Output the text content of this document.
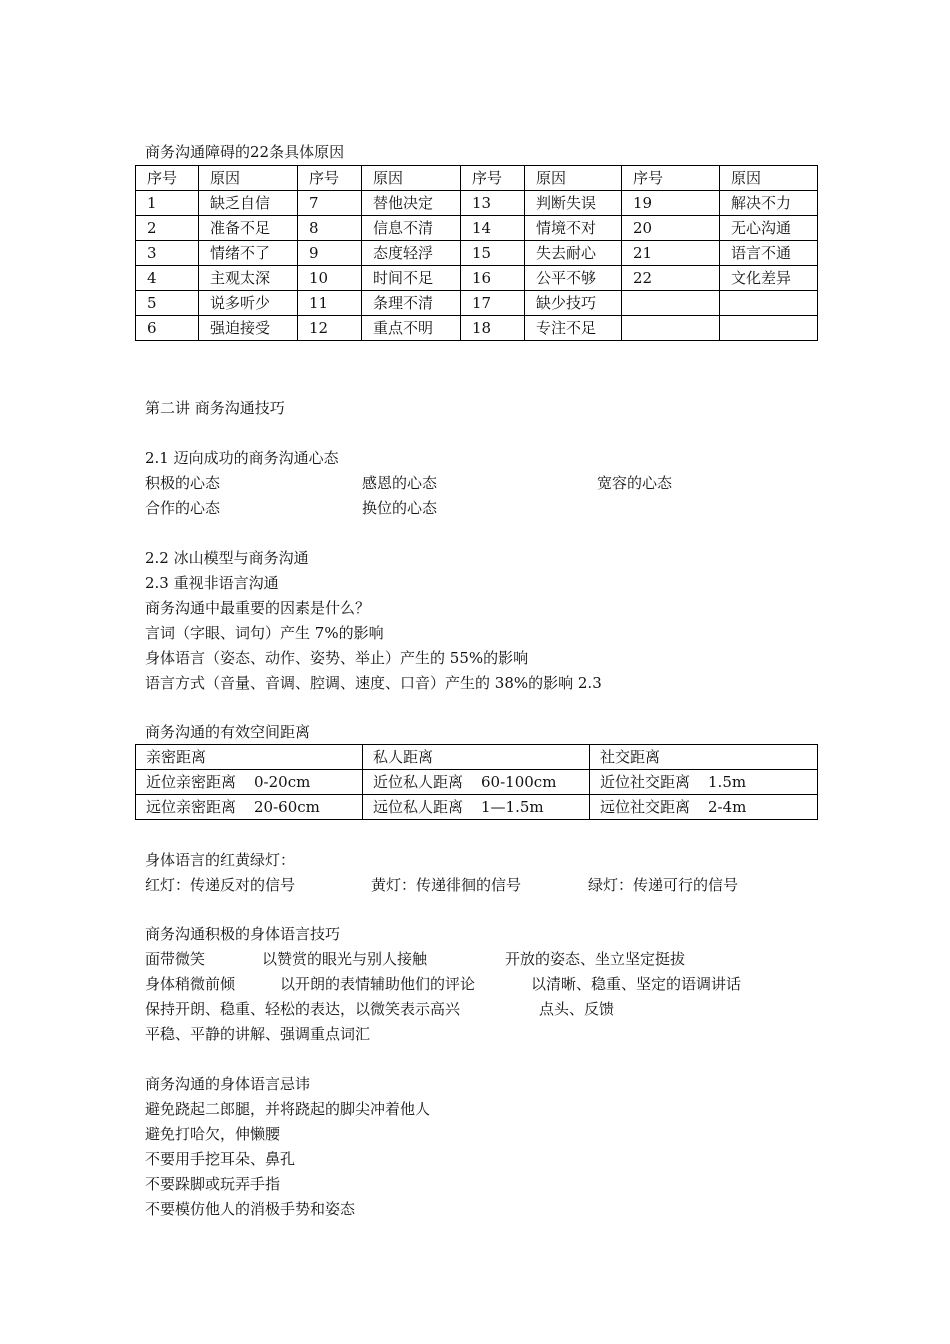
商务沟通障碍的22条具体原因
序号	原因	序号	原因	序号	原因	序号	原因
1	缺乏自信	7	替他决定	13	判断失误	19	解决不力
2	准备不足	8	信息不清	14	情境不对	20	无心沟通
3	情绪不了	9	态度轻浮	15	失去耐心	21	语言不通
4	主观太深	10	时间不足	16	公平不够	22	文化差异
5	说多听少	11	条理不清	17	缺少技巧		
6	强迫接受	12	重点不明	18	专注不足		
第二讲 商务沟通技巧
2.1 迈向成功的商务沟通心态
积极的心态	感恩的心态	宽容的心态
合作的心态	换位的心态
2.2 冰山模型与商务沟通
2.3 重视非语言沟通
商务沟通中最重要的因素是什么？
言词（字眼、词句）产生 7%的影响
身体语言（姿态、动作、姿势、举止）产生的 55%的影响
语言方式（音量、音调、腔调、速度、口音）产生的 38%的影响 2.3
商务沟通的有效空间距离
亲密距离	私人距离	社交距离
近位亲密距离 0-20cm	近位私人距离 60-100cm	近位社交距离 1.5m
远位亲密距离 20-60cm	远位私人距离 1—1.5m	远位社交距离 2-4m
身体语言的红黄绿灯：
红灯：传递反对的信号	黄灯：传递徘徊的信号	绿灯：传递可行的信号
商务沟通积极的身体语言技巧
面带微笑	以赞赏的眼光与别人接触	开放的姿态、坐立坚定挺拔
身体稍微前倾	以开朗的表情辅助他们的评论	以清晰、稳重、坚定的语调讲话
保持开朗、稳重、轻松的表达，以微笑表示高兴	点头、反馈
平稳、平静的讲解、强调重点词汇
商务沟通的身体语言忌讳
避免跷起二郎腿，并将跷起的脚尖冲着他人
避免打哈欠，伸懒腰
不要用手挖耳朵、鼻孔
不要跺脚或玩弄手指
不要模仿他人的消极手势和姿态
